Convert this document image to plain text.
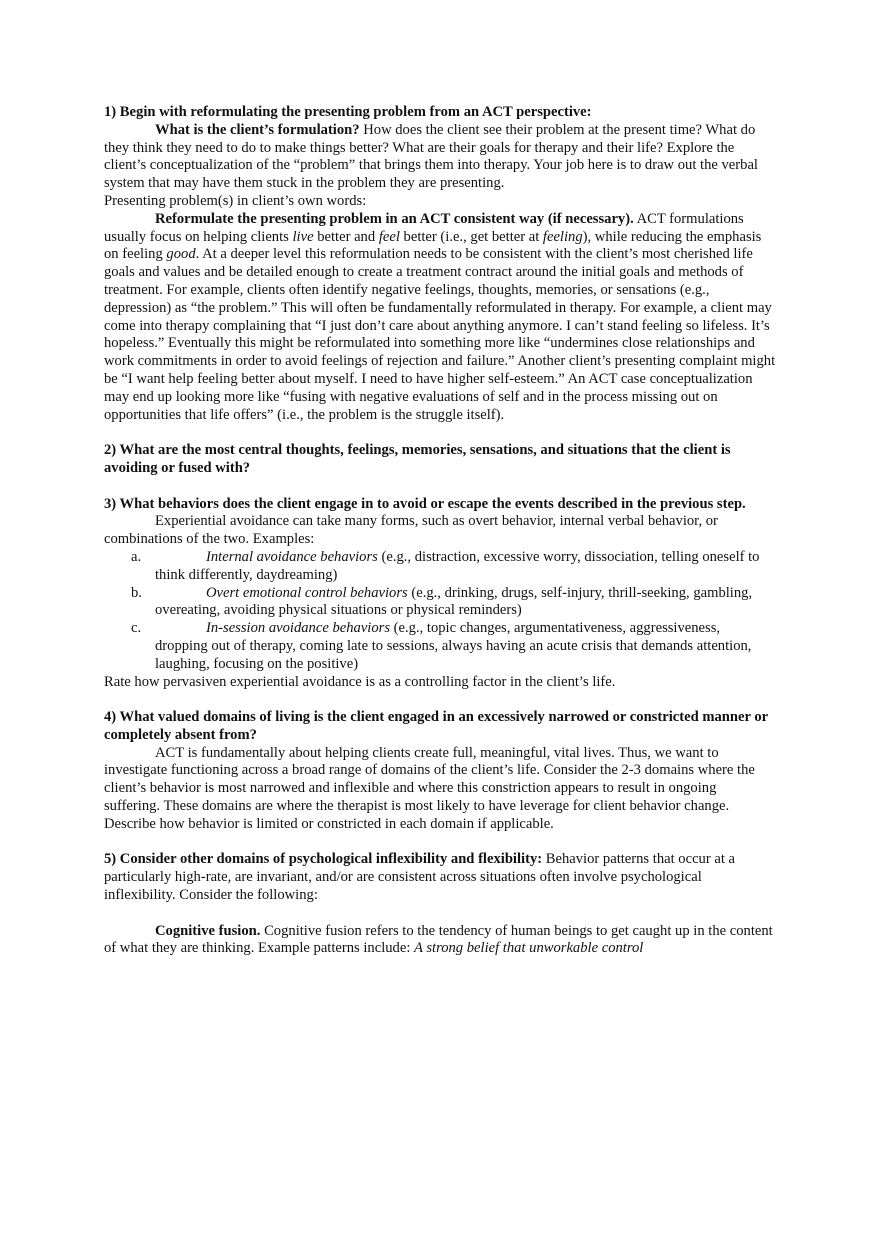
1) Begin with reformulating the presenting problem from an ACT perspective:

What is the client’s formulation? How does the client see their problem at the present time? What do they think they need to do to make things better? What are their goals for therapy and their life? Explore the client’s conceptualization of the “problem” that brings them into therapy. Your job here is to draw out the verbal system that may have them stuck in the problem they are presenting.

Presenting problem(s) in client’s own words:

Reformulate the presenting problem in an ACT consistent way (if necessary). ACT formulations usually focus on helping clients live better and feel better (i.e., get better at feeling), while reducing the emphasis on feeling good. At a deeper level this reformulation needs to be consistent with the client’s most cherished life goals and values and be detailed enough to create a treatment contract around the initial goals and methods of treatment. For example, clients often identify negative feelings, thoughts, memories, or sensations (e.g., depression) as “the problem.” This will often be fundamentally reformulated in therapy. For example, a client may come into therapy complaining that “I just don’t care about anything anymore. I can’t stand feeling so lifeless. It’s hopeless.” Eventually this might be reformulated into something more like “undermines close relationships and work commitments in order to avoid feelings of rejection and failure.” Another client’s presenting complaint might be “I want help feeling better about myself. I need to have higher self-esteem.” An ACT case conceptualization may end up looking more like “fusing with negative evaluations of self and in the process missing out on opportunities that life offers” (i.e., the problem is the struggle itself).

2) What are the most central thoughts, feelings, memories, sensations, and situations that the client is avoiding or fused with?

3) What behaviors does the client engage in to avoid or escape the events described in the previous step.

Experiential avoidance can take many forms, such as overt behavior, internal verbal behavior, or combinations of the two. Examples:

a.	Internal avoidance behaviors (e.g., distraction, excessive worry, dissociation, telling oneself to think differently, daydreaming)
b.	Overt emotional control behaviors (e.g., drinking, drugs, self-injury, thrill-seeking, gambling, overeating, avoiding physical situations or physical reminders)
c.	In-session avoidance behaviors (e.g., topic changes, argumentativeness, aggressiveness, dropping out of therapy, coming late to sessions, always having an acute crisis that demands attention, laughing, focusing on the positive)

Rate how pervasiven experiential avoidance is as a controlling factor in the client’s life.

4) What valued domains of living is the client engaged in an excessively narrowed or constricted manner or completely absent from?

ACT is fundamentally about helping clients create full, meaningful, vital lives. Thus, we want to investigate functioning across a broad range of domains of the client’s life. Consider the 2-3 domains where the client’s behavior is most narrowed and inflexible and where this constriction appears to result in ongoing suffering. These domains are where the therapist is most likely to have leverage for client behavior change. Describe how behavior is limited or constricted in each domain if applicable.

5) Consider other domains of psychological inflexibility and flexibility: Behavior patterns that occur at a particularly high-rate, are invariant, and/or are consistent across situations often involve psychological inflexibility. Consider the following:

Cognitive fusion. Cognitive fusion refers to the tendency of human beings to get caught up in the content of what they are thinking. Example patterns include: A strong belief that unworkable control
